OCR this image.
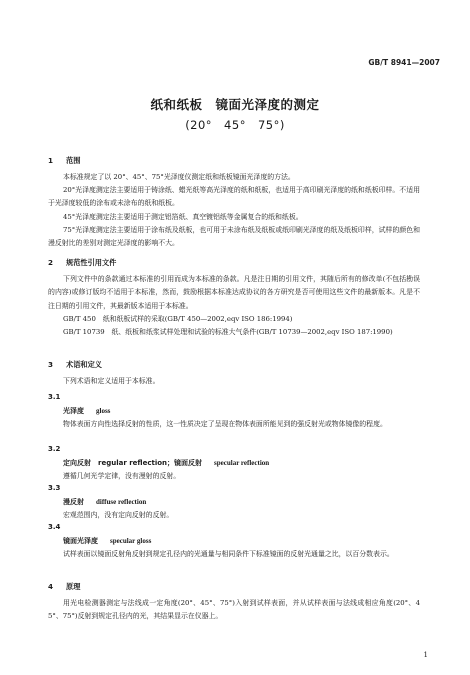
GB/T 8941—2007
纸和纸板　镜面光泽度的测定
(20°　45°　75°)
1 范围
本标准规定了以 20°、45°、75°光泽度仪测定纸和纸板镜面光泽度的方法。
20°光泽度测定法主要适用于铸涂纸、蜡光纸等高光泽度的纸和纸板，也适用于高印刷光泽度的纸和纸板印样。不适用于光泽度较低的涂布或未涂布的纸和纸板。
45°光泽度测定法主要适用于测定铝箔纸、真空镀铝纸等金属复合的纸和纸板。
75°光泽度测定法主要适用于涂布纸及纸板，也可用于未涂布纸及纸板或纸印刷光泽度的纸及纸板印样，试样的颜色和漫反射比的差别对测定光泽度的影响不大。
2 规范性引用文件
下列文件中的条款通过本标准的引用而成为本标准的条款。凡是注日期的引用文件，其随后所有的修改单(不包括勘误的内容)或修订版均不适用于本标准，然而，鼓励根据本标准达成协议的各方研究是否可使用这些文件的最新版本。凡是不注日期的引用文件，其最新版本适用于本标准。
GB/T 450　纸和纸板试样的采取(GB/T 450—2002,eqv ISO 186:1994)
GB/T 10739　纸、纸板和纸浆试样处理和试验的标准大气条件(GB/T 10739—2002,eqv ISO 187:1990)
3 术语和定义
下列术语和定义适用于本标准。
3.1
光泽度 gloss
物体表面方向性选择反射的性质，这一性质决定了呈现在物体表面所能见到的强反射光或物体镜像的程度。
3.2
定向反射　regular reflection；镜面反射 specular reflection
遵循几何光学定律，没有漫射的反射。
3.3
漫反射 diffuse reflection
宏观范围内，没有定向反射的反射。
3.4
镜面光泽度 specular gloss
试样表面以镜面反射角反射到规定孔径内的光通量与相同条件下标准镜面的反射光通量之比，以百分数表示。
4 原理
用光电检测器测定与法线成一定角度(20°、45°、75°)入射到试样表面，并从试样表面与法线成相应角度(20°、45°、75°)反射到规定孔径内的光，其结果显示在仪器上。
1
